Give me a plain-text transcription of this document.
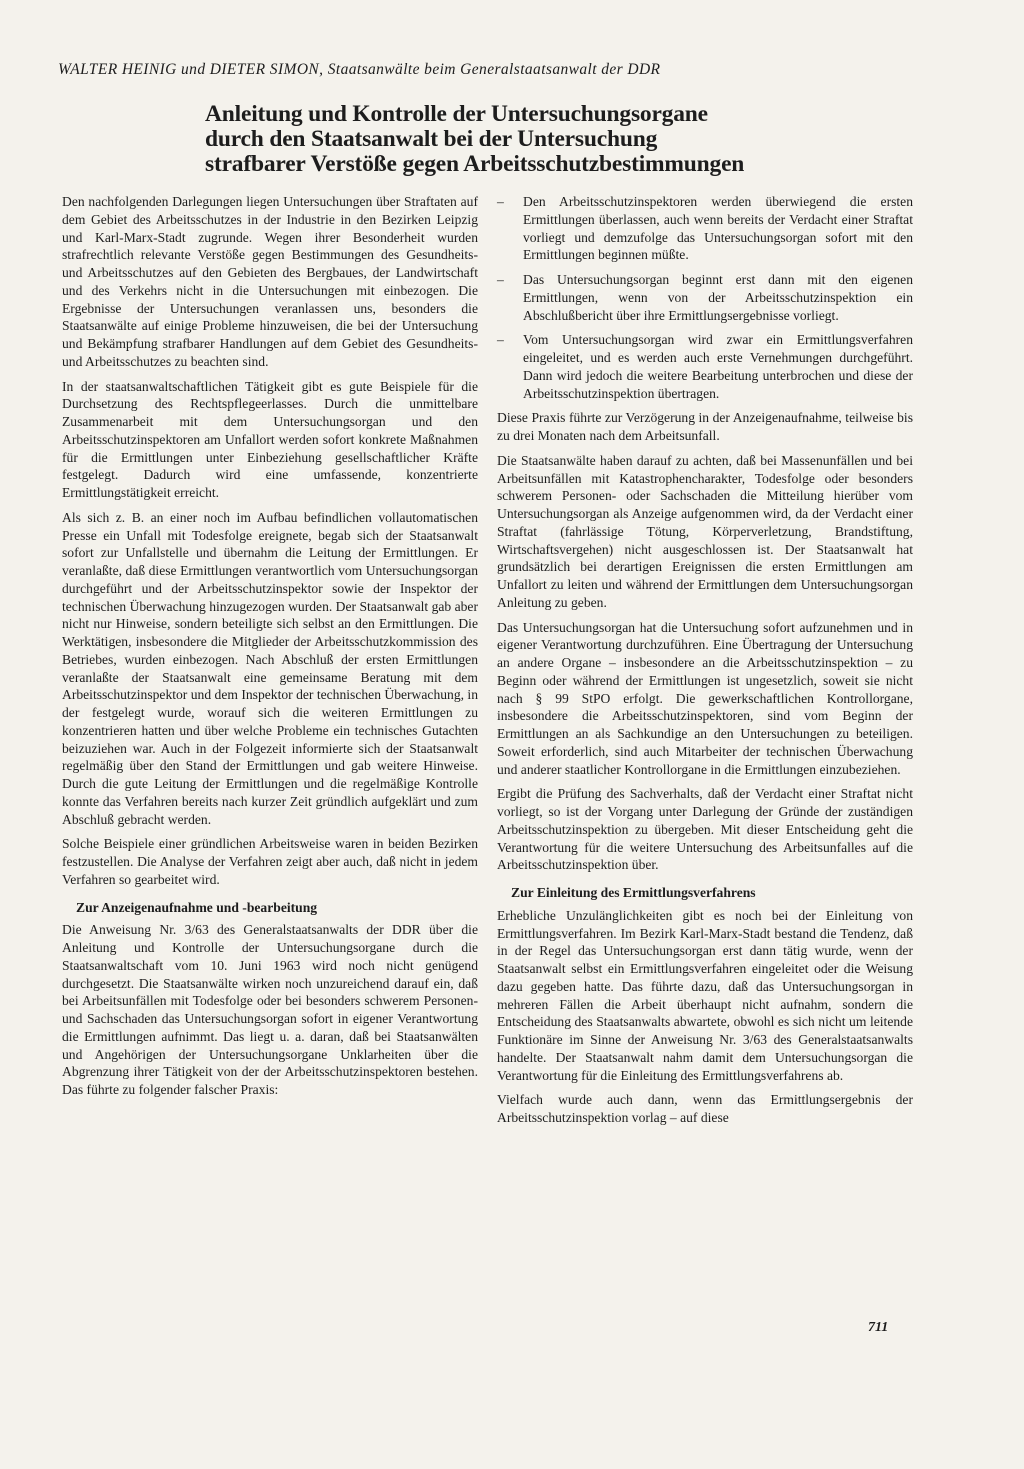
WALTER HEINIG und DIETER SIMON, Staatsanwälte beim Generalstaatsanwalt der DDR
Anleitung und Kontrolle der Untersuchungsorgane
durch den Staatsanwalt bei der Untersuchung
strafbarer Verstöße gegen Arbeitsschutzbestimmungen

Den nachfolgenden Darlegungen liegen Untersuchungen über Straftaten auf dem Gebiet des Arbeitsschutzes in der Industrie in den Bezirken Leipzig und Karl-Marx-Stadt zugrunde. Wegen ihrer Besonderheit wurden strafrechtlich relevante Verstöße gegen Bestimmungen des Gesundheits- und Arbeitsschutzes auf den Gebieten des Bergbaues, der Landwirtschaft und des Verkehrs nicht in die Untersuchungen mit einbezogen. Die Ergebnisse der Untersuchungen veranlassen uns, besonders die Staatsanwälte auf einige Probleme hinzuweisen, die bei der Untersuchung und Bekämpfung strafbarer Handlungen auf dem Gebiet des Gesundheits- und Arbeitsschutzes zu beachten sind.

In der staatsanwaltschaftlichen Tätigkeit gibt es gute Beispiele für die Durchsetzung des Rechtspflegeerlasses. Durch die unmittelbare Zusammenarbeit mit dem Untersuchungsorgan und den Arbeitsschutzinspektoren am Unfallort werden sofort konkrete Maßnahmen für die Ermittlungen unter Einbeziehung gesellschaftlicher Kräfte festgelegt. Dadurch wird eine umfassende, konzentrierte Ermittlungstätigkeit erreicht.

Als sich z. B. an einer noch im Aufbau befindlichen vollautomatischen Presse ein Unfall mit Todesfolge ereignete, begab sich der Staatsanwalt sofort zur Unfallstelle und übernahm die Leitung der Ermittlungen. Er veranlaßte, daß diese Ermittlungen verantwortlich vom Untersuchungsorgan durchgeführt und der Arbeitsschutzinspektor sowie der Inspektor der technischen Überwachung hinzugezogen wurden. Der Staatsanwalt gab aber nicht nur Hinweise, sondern beteiligte sich selbst an den Ermittlungen. Die Werktätigen, insbesondere die Mitglieder der Arbeitsschutzkommission des Betriebes, wurden einbezogen. Nach Abschluß der ersten Ermittlungen veranlaßte der Staatsanwalt eine gemeinsame Beratung mit dem Arbeitsschutzinspektor und dem Inspektor der technischen Überwachung, in der festgelegt wurde, worauf sich die weiteren Ermittlungen zu konzentrieren hatten und über welche Probleme ein technisches Gutachten beizuziehen war. Auch in der Folgezeit informierte sich der Staatsanwalt regelmäßig über den Stand der Ermittlungen und gab weitere Hinweise. Durch die gute Leitung der Ermittlungen und die regelmäßige Kontrolle konnte das Verfahren bereits nach kurzer Zeit gründlich aufgeklärt und zum Abschluß gebracht werden.

Solche Beispiele einer gründlichen Arbeitsweise waren in beiden Bezirken festzustellen. Die Analyse der Verfahren zeigt aber auch, daß nicht in jedem Verfahren so gearbeitet wird.

Zur Anzeigenaufnahme und -bearbeitung

Die Anweisung Nr. 3/63 des Generalstaatsanwalts der DDR über die Anleitung und Kontrolle der Untersuchungsorgane durch die Staatsanwaltschaft vom 10. Juni 1963 wird noch nicht genügend durchgesetzt. Die Staatsanwälte wirken noch unzureichend darauf ein, daß bei Arbeitsunfällen mit Todesfolge oder bei besonders schwerem Personen- und Sachschaden das Untersuchungsorgan sofort in eigener Verantwortung die Ermittlungen aufnimmt. Das liegt u. a. daran, daß bei Staatsanwälten und Angehörigen der Untersuchungsorgane Unklarheiten über die Abgrenzung ihrer Tätigkeit von der der Arbeitsschutzinspektoren bestehen. Das führte zu folgender falscher Praxis:

– Den Arbeitsschutzinspektoren werden überwiegend die ersten Ermittlungen überlassen, auch wenn bereits der Verdacht einer Straftat vorliegt und demzufolge das Untersuchungsorgan sofort mit den Ermittlungen beginnen müßte.
– Das Untersuchungsorgan beginnt erst dann mit den eigenen Ermittlungen, wenn von der Arbeitsschutzinspektion ein Abschlußbericht über ihre Ermittlungsergebnisse vorliegt.
– Vom Untersuchungsorgan wird zwar ein Ermittlungsverfahren eingeleitet, und es werden auch erste Vernehmungen durchgeführt. Dann wird jedoch die weitere Bearbeitung unterbrochen und diese der Arbeitsschutzinspektion übertragen.

Diese Praxis führte zur Verzögerung in der Anzeigenaufnahme, teilweise bis zu drei Monaten nach dem Arbeitsunfall.

Die Staatsanwälte haben darauf zu achten, daß bei Massenunfällen und bei Arbeitsunfällen mit Katastrophencharakter, Todesfolge oder besonders schwerem Personen- oder Sachschaden die Mitteilung hierüber vom Untersuchungsorgan als Anzeige aufgenommen wird, da der Verdacht einer Straftat (fahrlässige Tötung, Körperverletzung, Brandstiftung, Wirtschaftsvergehen) nicht ausgeschlossen ist. Der Staatsanwalt hat grundsätzlich bei derartigen Ereignissen die ersten Ermittlungen am Unfallort zu leiten und während der Ermittlungen dem Untersuchungsorgan Anleitung zu geben.

Das Untersuchungsorgan hat die Untersuchung sofort aufzunehmen und in eigener Verantwortung durchzuführen. Eine Übertragung der Untersuchung an andere Organe – insbesondere an die Arbeitsschutzinspektion – zu Beginn oder während der Ermittlungen ist ungesetzlich, soweit sie nicht nach § 99 StPO erfolgt. Die gewerkschaftlichen Kontrollorgane, insbesondere die Arbeitsschutzinspektoren, sind vom Beginn der Ermittlungen an als Sachkundige an den Untersuchungen zu beteiligen. Soweit erforderlich, sind auch Mitarbeiter der technischen Überwachung und anderer staatlicher Kontrollorgane in die Ermittlungen einzubeziehen.

Ergibt die Prüfung des Sachverhalts, daß der Verdacht einer Straftat nicht vorliegt, so ist der Vorgang unter Darlegung der Gründe der zuständigen Arbeitsschutzinspektion zu übergeben. Mit dieser Entscheidung geht die Verantwortung für die weitere Untersuchung des Arbeitsunfalles auf die Arbeitsschutzinspektion über.

Zur Einleitung des Ermittlungsverfahrens

Erhebliche Unzulänglichkeiten gibt es noch bei der Einleitung von Ermittlungsverfahren. Im Bezirk Karl-Marx-Stadt bestand die Tendenz, daß in der Regel das Untersuchungsorgan erst dann tätig wurde, wenn der Staatsanwalt selbst ein Ermittlungsverfahren eingeleitet oder die Weisung dazu gegeben hatte. Das führte dazu, daß das Untersuchungsorgan in mehreren Fällen die Arbeit überhaupt nicht aufnahm, sondern die Entscheidung des Staatsanwalts abwartete, obwohl es sich nicht um leitende Funktionäre im Sinne der Anweisung Nr. 3/63 des Generalstaatsanwalts handelte. Der Staatsanwalt nahm damit dem Untersuchungsorgan die Verantwortung für die Einleitung des Ermittlungsverfahrens ab.

Vielfach wurde auch dann, wenn das Ermittlungsergebnis der Arbeitsschutzinspektion vorlag – auf diese

711
